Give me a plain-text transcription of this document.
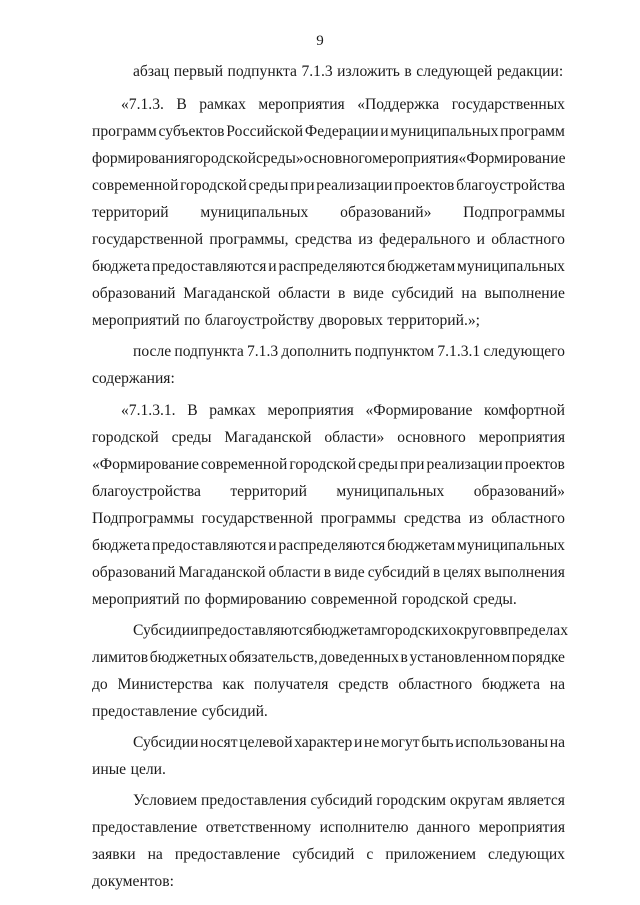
9
абзац первый подпункта 7.1.3 изложить в следующей редакции:
«7.1.3. В рамках мероприятия «Поддержка государственных
программ субъектов Российской Федерации и муниципальных программ
формирования городской среды» основного мероприятия «Формирование
современной городской среды при реализации проектов благоустройства
территорий муниципальных образований» Подпрограммы
государственной программы, средства из федерального и областного
бюджета предоставляются и распределяются бюджетам муниципальных
образований Магаданской области в виде субсидий на выполнение
мероприятий по благоустройству дворовых территорий.»;
после подпункта 7.1.3 дополнить подпунктом 7.1.3.1 следующего
содержания:
«7.1.3.1. В рамках мероприятия «Формирование комфортной
городской среды Магаданской области» основного мероприятия
«Формирование современной городской среды при реализации проектов
благоустройства территорий муниципальных образований»
Подпрограммы государственной программы средства из областного
бюджета предоставляются и распределяются бюджетам муниципальных
образований Магаданской области в виде субсидий в целях выполнения
мероприятий по формированию современной городской среды.
Субсидии предоставляются бюджетам городских округов в пределах
лимитов бюджетных обязательств, доведенных в установленном порядке
до Министерства как получателя средств областного бюджета на
предоставление субсидий.
Субсидии носят целевой характер и не могут быть использованы на
иные цели.
Условием предоставления субсидий городским округам является
предоставление ответственному исполнителю данного мероприятия
заявки на предоставление субсидий с приложением следующих
документов:
